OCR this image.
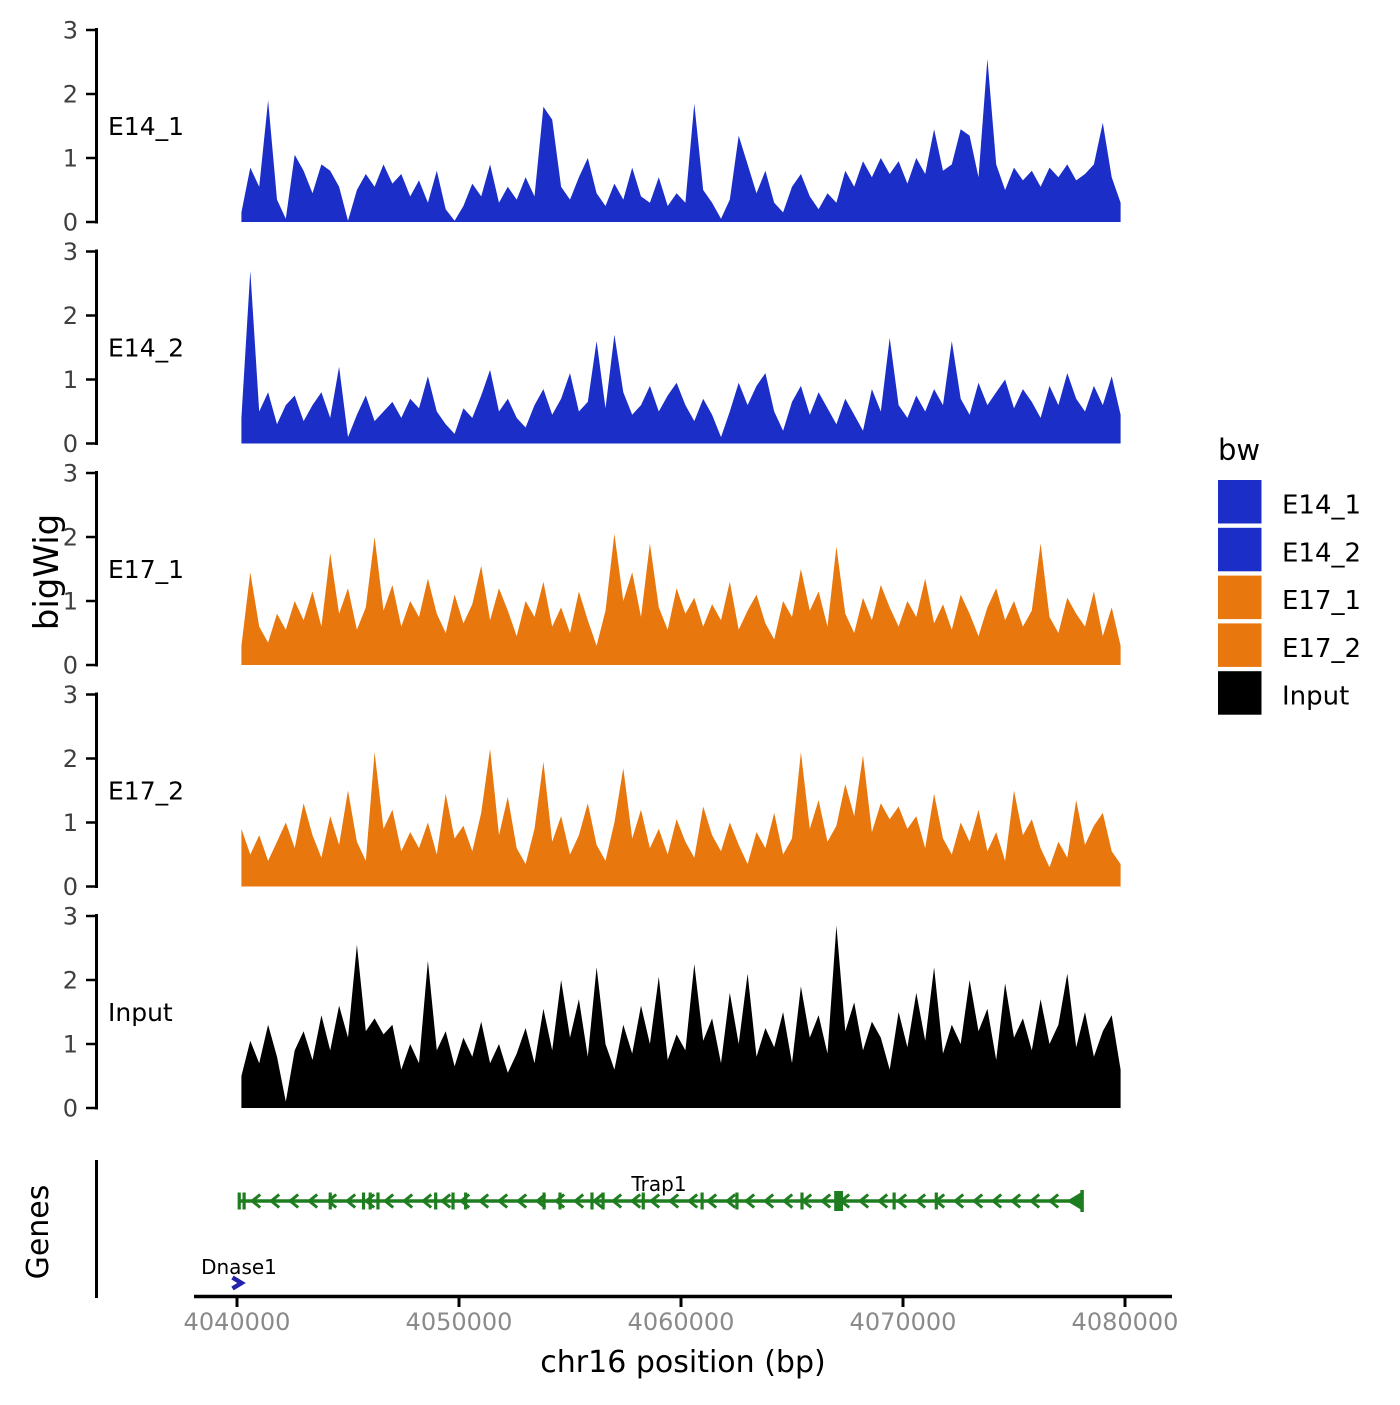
0
1
2
3
E14_1
0
1
2
3
E14_2
0
1
2
3
E17_1
0
1
2
3
E17_2
0
1
2
3
Input
4040000	4050000	4060000	4070000	4080000
E14_1
E14_2
E17_1
E17_2
Input
bigWig
Genes
chr16 position (bp)
Trap1
Dnase1
bw
